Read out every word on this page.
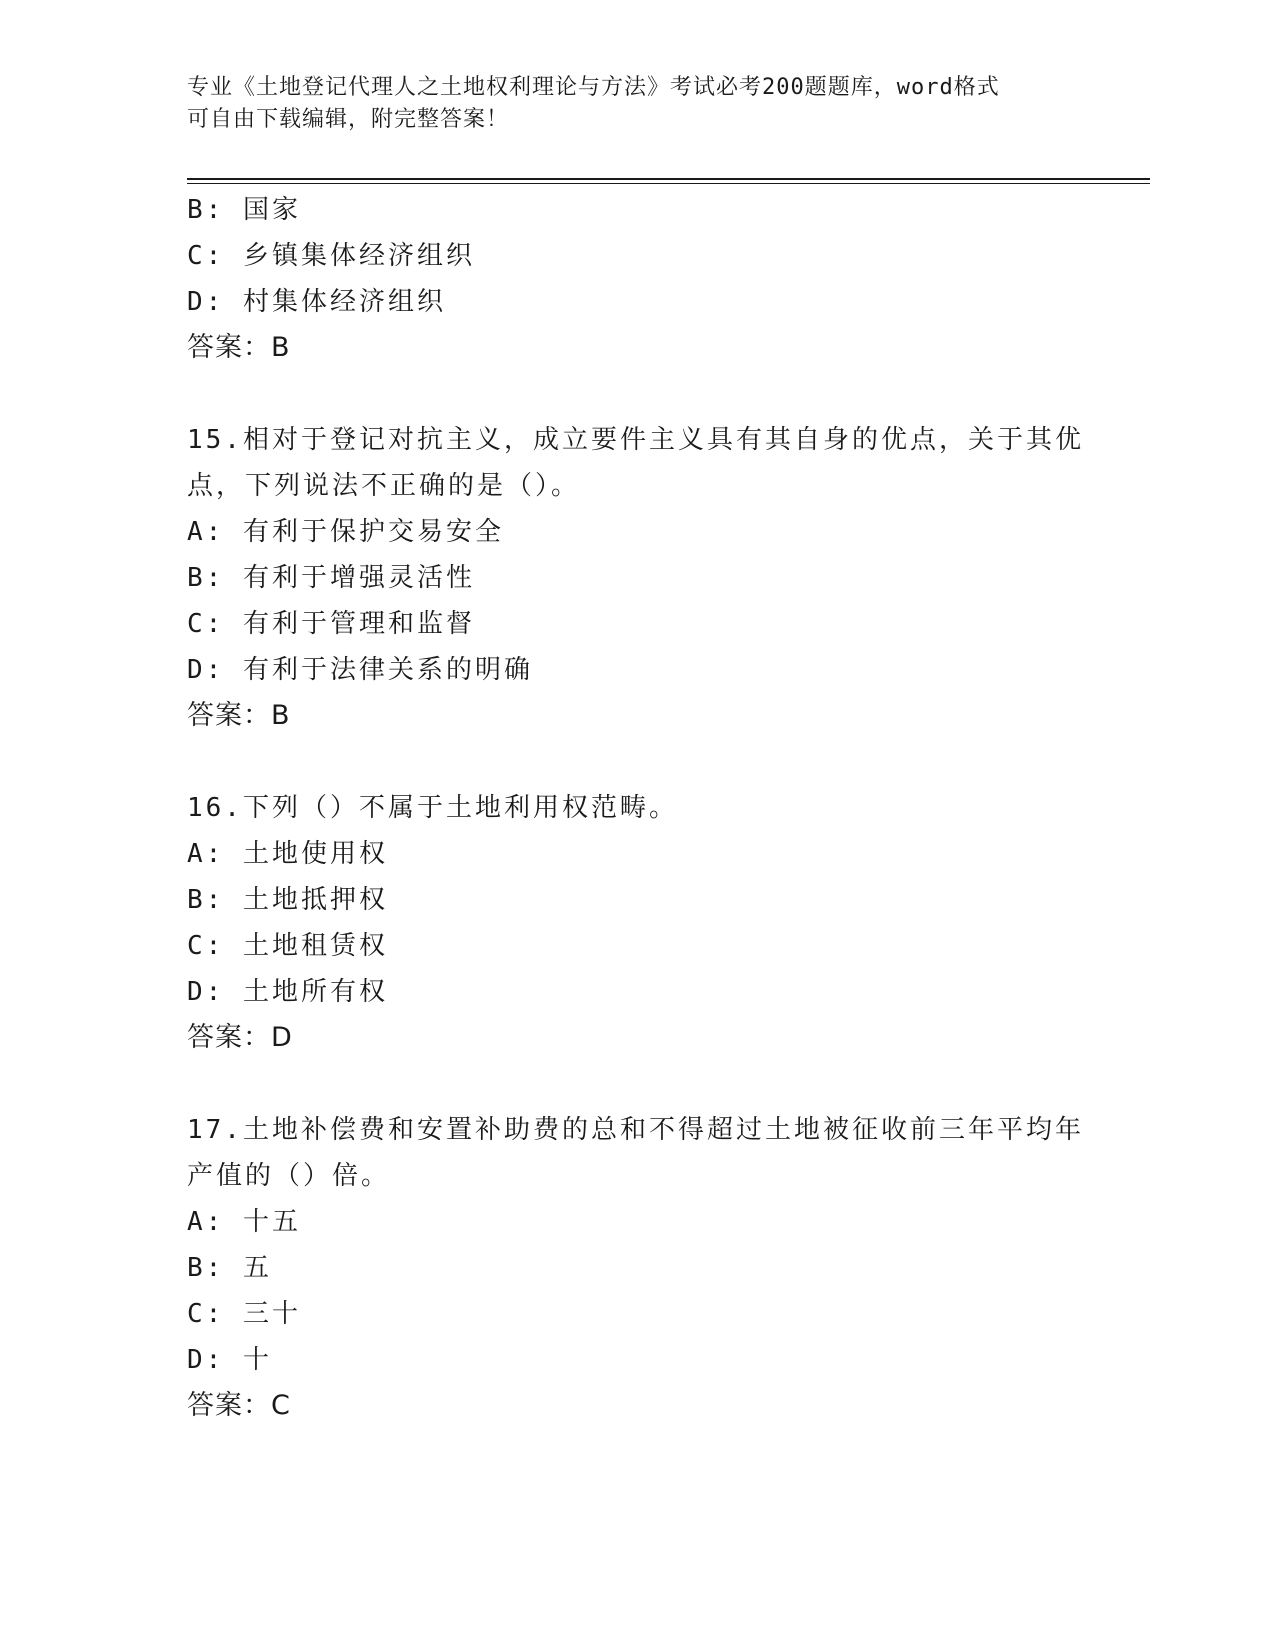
专业《土地登记代理人之土地权利理论与方法》考试必考200题题库，word格式
可自由下载编辑，附完整答案！
B: 国家
C: 乡镇集体经济组织
D: 村集体经济组织
答案：B
15.相对于登记对抗主义，成立要件主义具有其自身的优点，关于其优
点，下列说法不正确的是（）。
A: 有利于保护交易安全
B: 有利于增强灵活性
C: 有利于管理和监督
D: 有利于法律关系的明确
答案：B
16.下列（）不属于土地利用权范畴。
A: 土地使用权
B: 土地抵押权
C: 土地租赁权
D: 土地所有权
答案：D
17.土地补偿费和安置补助费的总和不得超过土地被征收前三年平均年
产值的（）倍。
A: 十五
B: 五
C: 三十
D: 十
答案：C
